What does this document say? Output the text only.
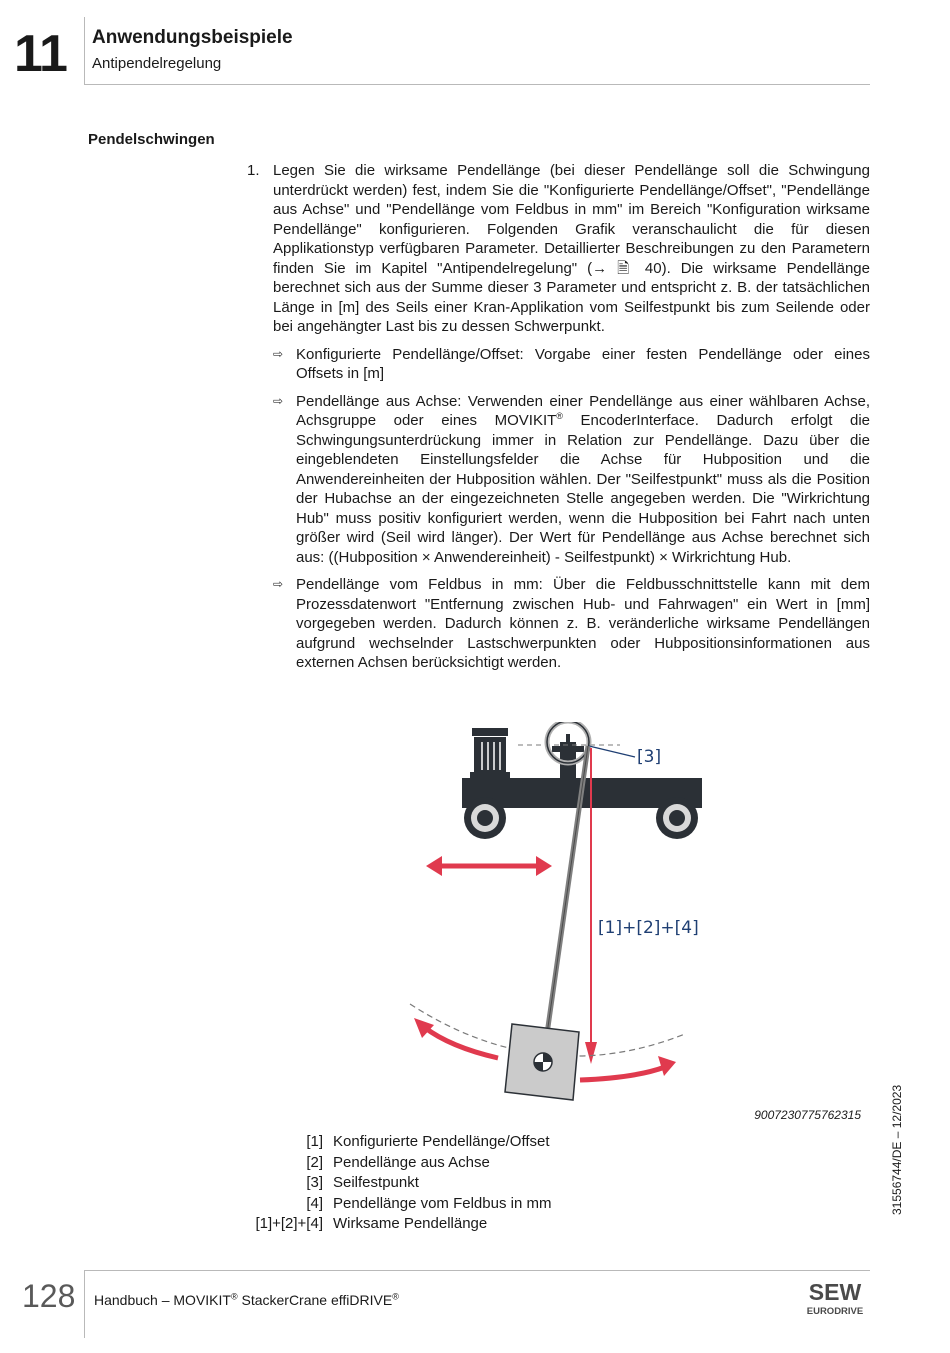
11	Anwendungsbeispiele
Antipendelregelung
Pendelschwingen
1. Legen Sie die wirksame Pendellänge (bei dieser Pendellänge soll die Schwingung unterdrückt werden) fest, indem Sie die "Konfigurierte Pendellänge/Offset", "Pendellänge aus Achse" und "Pendellänge vom Feldbus in mm" im Bereich "Konfiguration wirksame Pendellänge" konfigurieren. Folgenden Grafik veranschaulicht die für diesen Applikationstyp verfügbaren Parameter. Detaillierter Beschreibungen zu den Parametern finden Sie im Kapitel "Antipendelregelung" (→ 🗎 40). Die wirksame Pendellänge berechnet sich aus der Summe dieser 3 Parameter und entspricht z. B. der tatsächlichen Länge in [m] des Seils einer Kran-Applikation vom Seilfestpunkt bis zum Seilende oder bei angehängter Last bis zu dessen Schwerpunkt.
⇨ Konfigurierte Pendellänge/Offset: Vorgabe einer festen Pendellänge oder eines Offsets in [m]
⇨ Pendellänge aus Achse: Verwenden einer Pendellänge aus einer wählbaren Achse, Achsgruppe oder eines MOVIKIT® EncoderInterface. Dadurch erfolgt die Schwingungsunterdrückung immer in Relation zur Pendellänge. Dazu über die eingeblendeten Einstellungsfelder die Achse für Hubposition und die Anwendereinheiten der Hubposition wählen. Der "Seilfestpunkt" muss als die Position der Hubachse an der eingezeichneten Stelle angegeben werden. Die "Wirkrichtung Hub" muss positiv konfiguriert werden, wenn die Hubposition bei Fahrt nach unten größer wird (Seil wird länger). Der Wert für Pendellänge aus Achse berechnet sich aus: ((Hubposition × Anwendereinheit) - Seilfestpunkt) × Wirkrichtung Hub.
⇨ Pendellänge vom Feldbus in mm: Über die Feldbusschnittstelle kann mit dem Prozessdatenwort "Entfernung zwischen Hub- und Fahrwagen" ein Wert in [mm] vorgegeben werden. Dadurch können z. B. veränderliche wirksame Pendellängen aufgrund wechselnder Lastschwerpunkten oder Hubpositionsinformationen aus externen Achsen berücksichtigt werden.
[3]
[1]+[2]+[4]
9007230775762315
[1] Konfigurierte Pendellänge/Offset
[2] Pendellänge aus Achse
[3] Seilfestpunkt
[4] Pendellänge vom Feldbus in mm
[1]+[2]+[4] Wirksame Pendellänge
31556744/DE – 12/2023
128 Handbuch – MOVIKIT® StackerCrane effiDRIVE®	SEW
EURODRIVE
